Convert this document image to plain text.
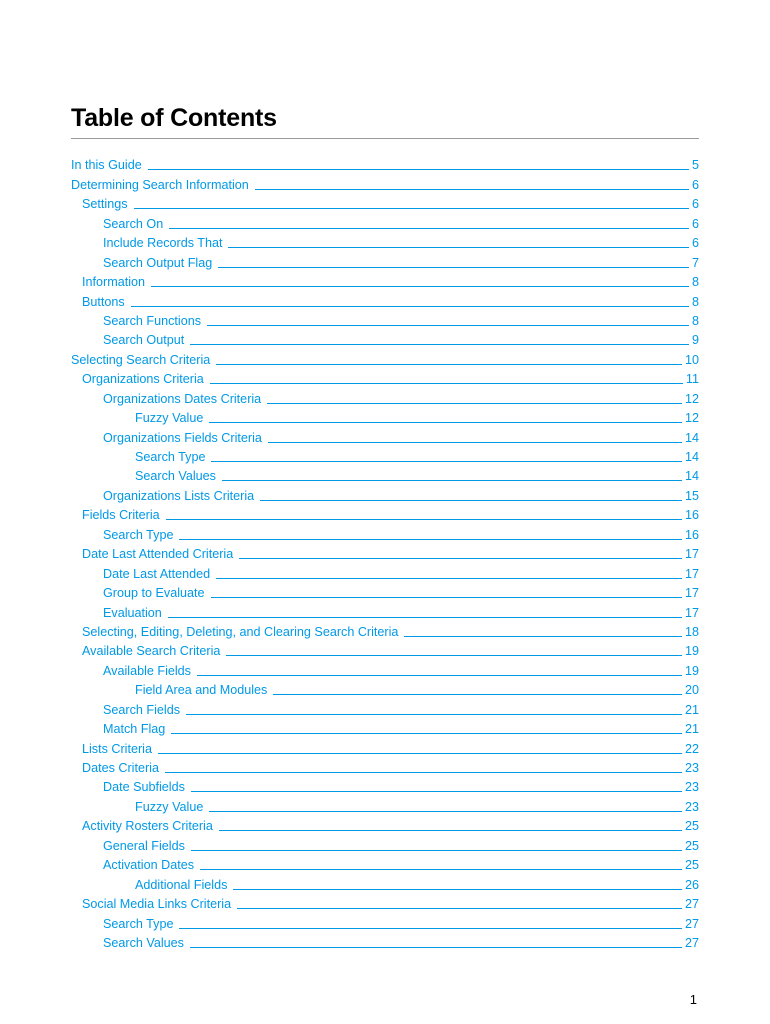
Table of Contents
In this Guide	5
Determining Search Information	6
Settings	6
Search On	6
Include Records That	6
Search Output Flag	7
Information	8
Buttons	8
Search Functions	8
Search Output	9
Selecting Search Criteria	10
Organizations Criteria	11
Organizations Dates Criteria	12
Fuzzy Value	12
Organizations Fields Criteria	14
Search Type	14
Search Values	14
Organizations Lists Criteria	15
Fields Criteria	16
Search Type	16
Date Last Attended Criteria	17
Date Last Attended	17
Group to Evaluate	17
Evaluation	17
Selecting, Editing, Deleting, and Clearing Search Criteria	18
Available Search Criteria	19
Available Fields	19
Field Area and Modules	20
Search Fields	21
Match Flag	21
Lists Criteria	22
Dates Criteria	23
Date Subfields	23
Fuzzy Value	23
Activity Rosters Criteria	25
General Fields	25
Activation Dates	25
Additional Fields	26
Social Media Links Criteria	27
Search Type	27
Search Values	27
1
